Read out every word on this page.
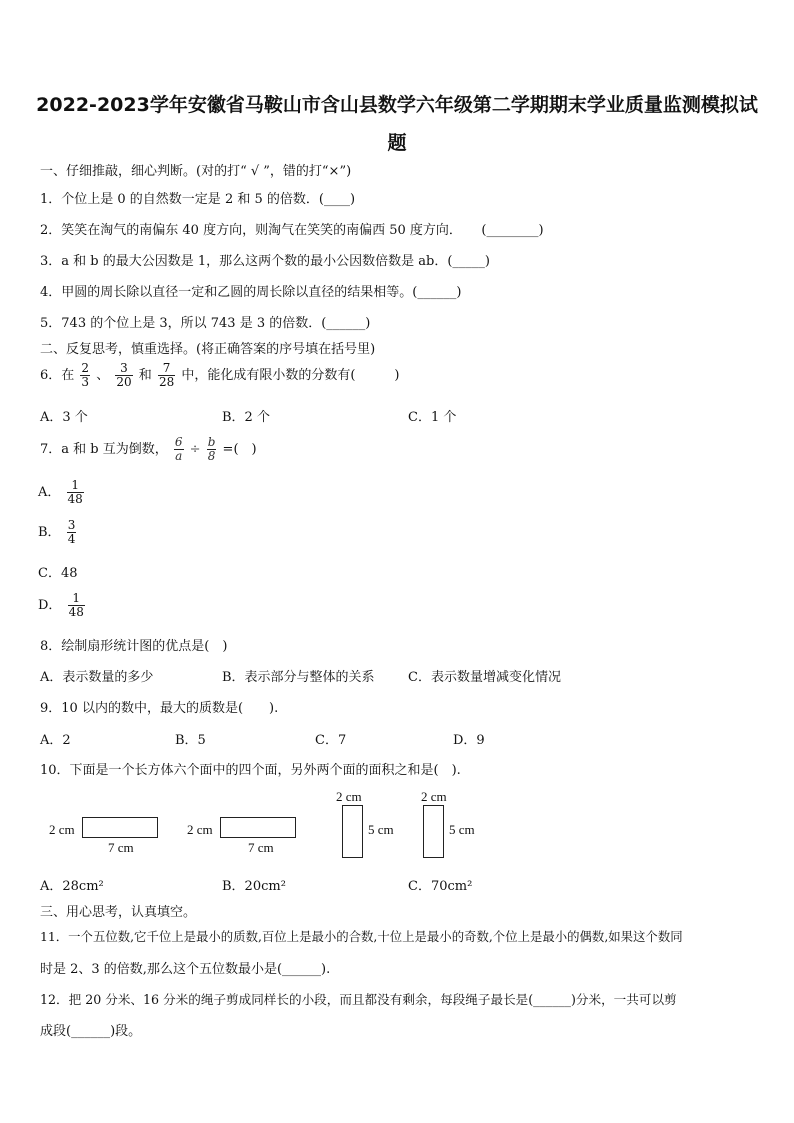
2022-2023学年安徽省马鞍山市含山县数学六年级第二学期期末学业质量监测模拟试
题
一、仔细推敲，细心判断。(对的打“ √ ”，错的打“×”)
1．个位上是 0 的自然数一定是 2 和 5 的倍数．(____)
2．笑笑在淘气的南偏东 40 度方向，则淘气在笑笑的南偏西 50 度方向．　　(________)
3．a 和 b 的最大公因数是 1，那么这两个数的最小公因数倍数是 ab．(_____)
4．甲圆的周长除以直径一定和乙圆的周长除以直径的结果相等。(______)
5．743 的个位上是 3，所以 743 是 3 的倍数．(______)
二、反复思考，慎重选择。(将正确答案的序号填在括号里)
6．在 $\frac{2}{3}$ 、 $\frac{3}{20}$ 和 $\frac{7}{28}$ 中，能化成有限小数的分数有(　　　)
A．3 个	B．2 个	C．1 个
7．a 和 b 互为倒数， $\frac{6}{a} \div \frac{b}{8}$ =(　)
A． $\frac{1}{48}$
B． $\frac{3}{4}$
C．48
D． $\frac{1}{48}$
8．绘制扇形统计图的优点是(　)
A．表示数量的多少	B．表示部分与整体的关系	C．表示数量增减变化情况
9．10 以内的数中，最大的质数是(　　).
A．2	B．5	C．7	D．9
10．下面是一个长方体六个面中的四个面，另外两个面的面积之和是(　).
2 cm
7 cm
2 cm
7 cm
2 cm
5 cm
2 cm
5 cm
A．28cm²	B．20cm²	C．70cm²
三、用心思考，认真填空。
11．一个五位数,它千位上是最小的质数,百位上是最小的合数,十位上是最小的奇数,个位上是最小的偶数,如果这个数同
时是 2、3 的倍数,那么这个五位数最小是(______).
12．把 20 分米、16 分米的绳子剪成同样长的小段，而且都没有剩余，每段绳子最长是(______)分米，一共可以剪
成段(______)段。
